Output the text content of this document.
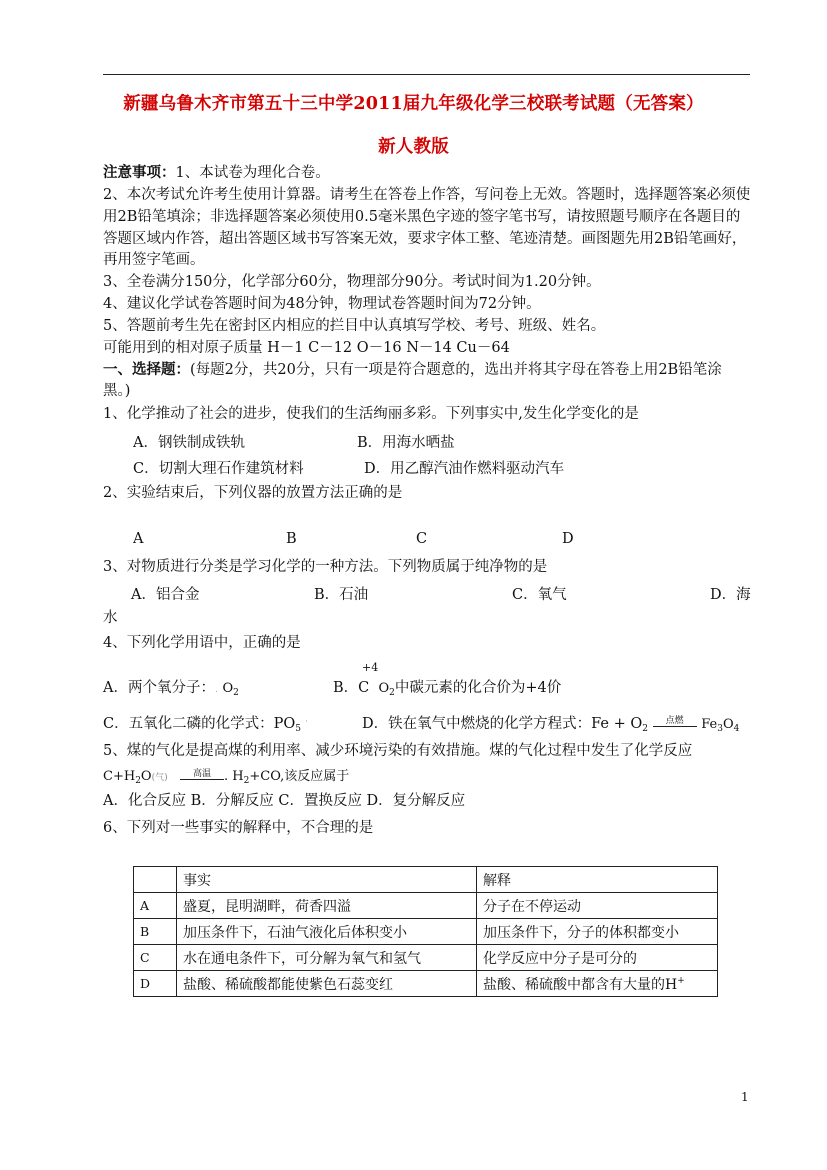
新疆乌鲁木齐市第五十三中学2011届九年级化学三校联考试题（无答案）
新人教版
注意事项：1、本试卷为理化合卷。
2、本次考试允许考生使用计算器。请考生在答卷上作答，写问卷上无效。答题时，选择题答案必须使
用2B铅笔填涂；非选择题答案必须使用0.5毫米黑色字迹的签字笔书写，请按照题号顺序在各题目的
答题区域内作答，超出答题区域书写答案无效，要求字体工整、笔迹清楚。画图题先用2B铅笔画好，
再用签字笔画。
3、全卷满分150分，化学部分60分，物理部分90分。考试时间为1.20分钟。
4、建议化学试卷答题时间为48分钟，物理试卷答题时间为72分钟。
5、答题前考生先在密封区内相应的拦目中认真填写学校、考号、班级、姓名。
可能用到的相对原子质量 H－1 C－12 O－16 N－14 Cu－64
一、选择题：(每题2分，共20分，只有一项是符合题意的，选出并将其字母在答卷上用2B铅笔涂
黑。)
1、化学推动了社会的进步，使我们的生活绚丽多彩。下列事实中,发生化学变化的是
A．钢铁制成铁轨	B．用海水晒盐
C．切割大理石作建筑材料	D．用乙醇汽油作燃料驱动汽车
2、实验结束后，下列仪器的放置方法正确的是
A	B	C	D
3、对物质进行分类是学习化学的一种方法。下列物质属于纯净物的是
A．铝合金	B．石油	C．氧气	D．海
水
4、下列化学用语中，正确的是
A．两个氧分子：. $O_2$
+4
B．C $O_2$中碳元素的化合价为+4价
C．五氧化二磷的化学式：$PO_5$
·	D．铁在氧气中燃烧的化学方程式：$Fe + O_2$
点燃	$Fe_3O_4$
5、煤的气化是提高煤的利用率、减少环境污染的有效措施。煤的气化过程中发生了化学反应
$C+H_2O$(气)	高温	. $H_2+CO$,该反应属于
A．化合反应 B．分解反应 C．置换反应 D．复分解反应
6、下列对一些事实的解释中，不合理的是
	事实	解释
A	盛夏，昆明湖畔，荷香四溢	分子在不停运动
B	加压条件下，石油气液化后体积变小	加压条件下，分子的体积都变小
C	水在通电条件下，可分解为氧气和氢气	化学反应中分子是可分的
D	盐酸、稀硫酸都能使紫色石蕊变红	盐酸、稀硫酸中都含有大量的H+
1
